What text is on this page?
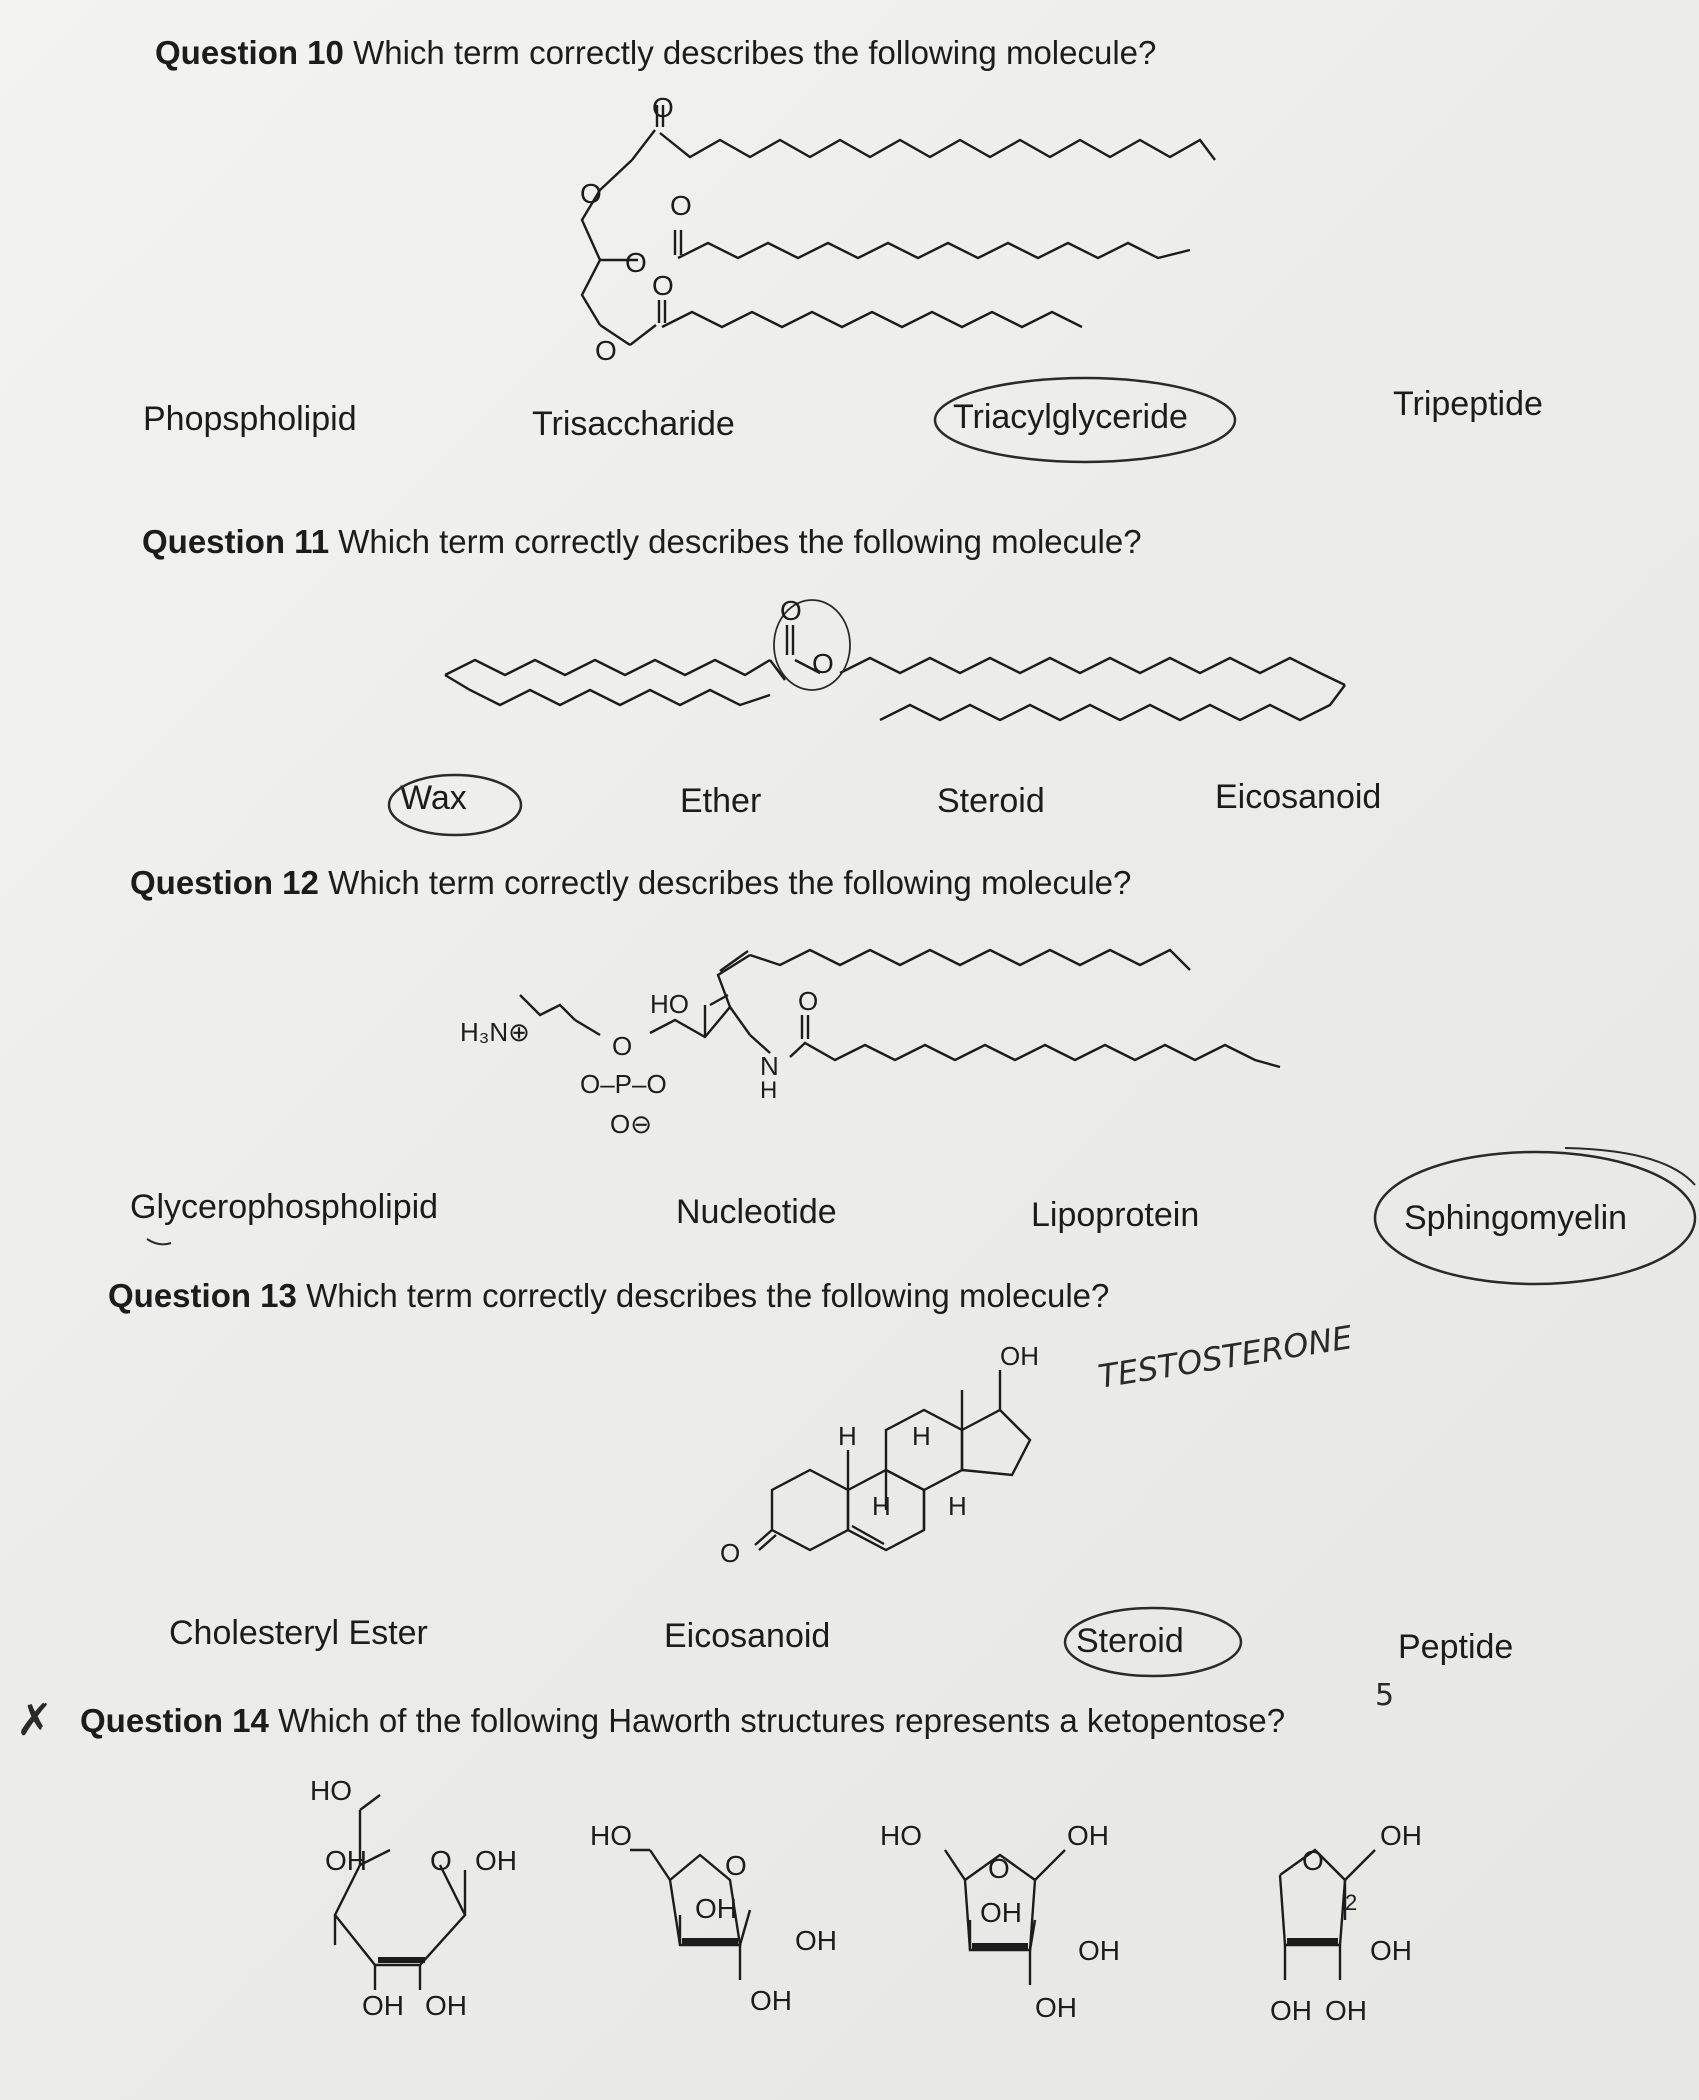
Question 10 Which term correctly describes the following molecule?
O
O O
O
O
O
Phopspholipid	Trisaccharide	Triacylglyceride	Tripeptide
Question 11 Which term correctly describes the following molecule?
O
O
Wax	Ether	Steroid	Eicosanoid
Question 12 Which term correctly describes the following molecule?
H₃N⊕
O–P–O
O
O⊖
HO	O
N
H
Glycerophospholipid	Nucleotide	Lipoprotein	Sphingomyelin
Question 13 Which term correctly describes the following molecule?
OH
H H
H H
O
TESTOSTERONE
Cholesteryl Ester	Eicosanoid	Steroid	Peptide
✗ Question 14 Which of the following Haworth structures represents a ketopentose?
5
HO
OH O OH
OH OH
HO
O
OH
OH
OH
HO
O
OH
OH
OH
OH
O
OH
OH
OH OH
2
